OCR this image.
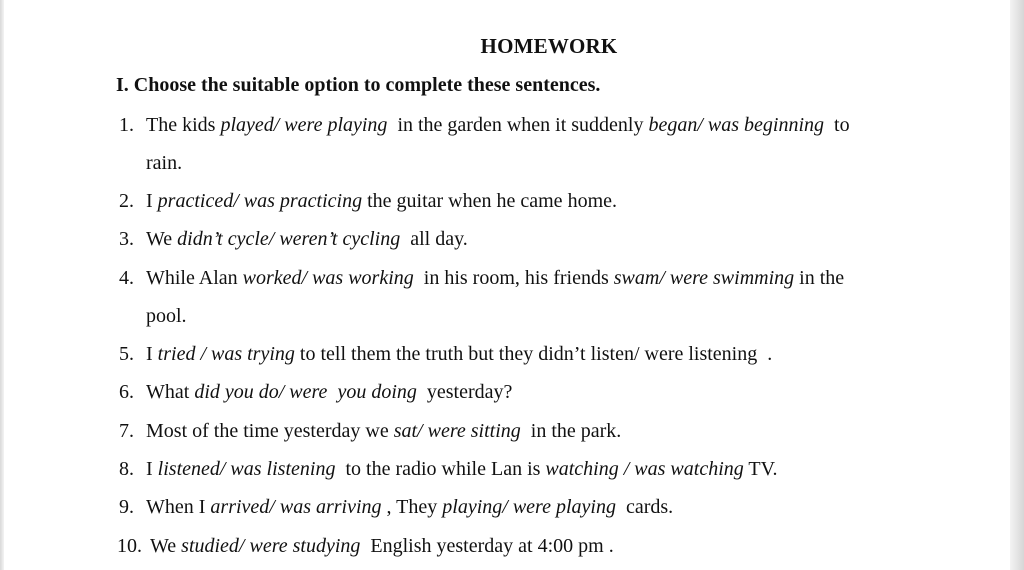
HOMEWORK
I. Choose the suitable option to complete these sentences.
1. The kids played/ were playing  in the garden when it suddenly began/ was beginning  to
rain.
2. I practiced/ was practicing the guitar when he came home.
3. We didn’t cycle/ weren’t cycling  all day.
4. While Alan worked/ was working  in his room, his friends swam/ were swimming in the
pool.
5. I tried / was trying to tell them the truth but they didn’t listen/ were listening  .
6. What did you do/ were  you doing  yesterday?
7. Most of the time yesterday we sat/ were sitting  in the park.
8. I listened/ was listening  to the radio while Lan is watching / was watching TV.
9. When I arrived/ was arriving , They playing/ were playing  cards.
10. We studied/ were studying  English yesterday at 4:00 pm .
